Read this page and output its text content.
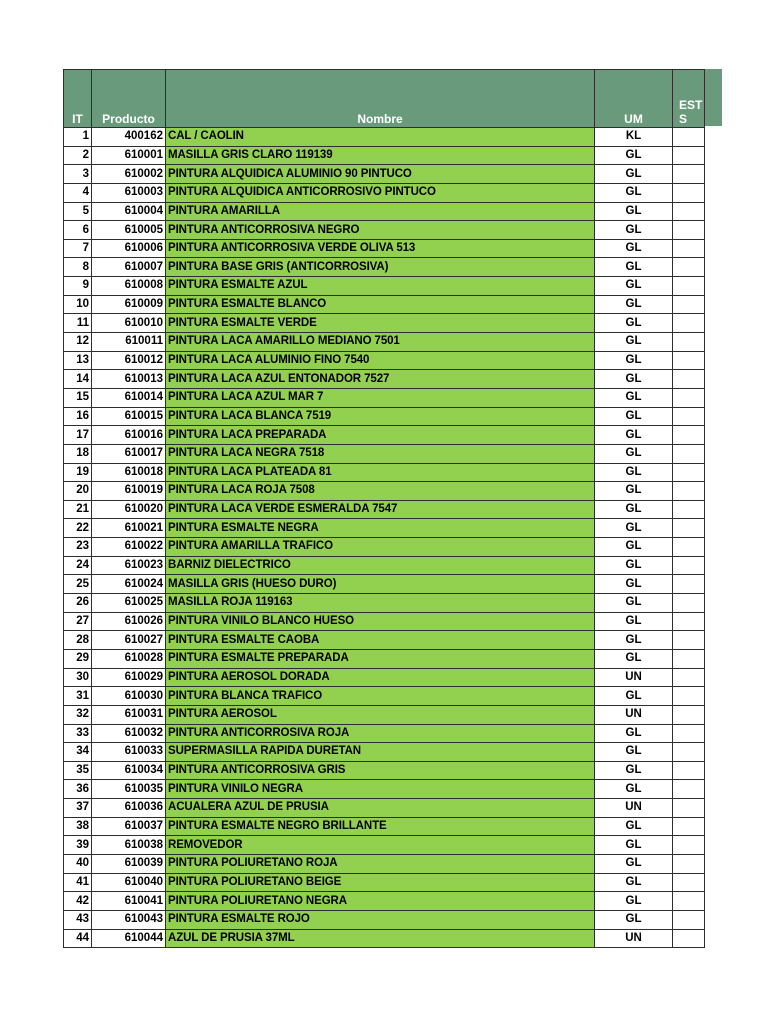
IT	Producto	Nombre	UM	EST
S

1	400162	CAL / CAOLIN	KL	
2	610001	MASILLA GRIS CLARO 119139	GL	
3	610002	PINTURA ALQUIDICA ALUMINIO 90 PINTUCO	GL	
4	610003	PINTURA ALQUIDICA ANTICORROSIVO PINTUCO	GL	
5	610004	PINTURA AMARILLA	GL	
6	610005	PINTURA ANTICORROSIVA NEGRO	GL	
7	610006	PINTURA ANTICORROSIVA VERDE OLIVA 513	GL	
8	610007	PINTURA BASE GRIS (ANTICORROSIVA)	GL	
9	610008	PINTURA ESMALTE AZUL	GL	
10	610009	PINTURA ESMALTE BLANCO	GL	
11	610010	PINTURA ESMALTE VERDE	GL	
12	610011	PINTURA LACA AMARILLO MEDIANO 7501	GL	
13	610012	PINTURA LACA ALUMINIO FINO 7540	GL	
14	610013	PINTURA LACA AZUL ENTONADOR 7527	GL	
15	610014	PINTURA LACA AZUL MAR 7	GL	
16	610015	PINTURA LACA BLANCA 7519	GL	
17	610016	PINTURA LACA PREPARADA	GL	
18	610017	PINTURA LACA NEGRA 7518	GL	
19	610018	PINTURA LACA PLATEADA 81	GL	
20	610019	PINTURA LACA ROJA 7508	GL	
21	610020	PINTURA LACA VERDE ESMERALDA 7547	GL	
22	610021	PINTURA ESMALTE NEGRA	GL	
23	610022	PINTURA AMARILLA TRAFICO	GL	
24	610023	BARNIZ DIELECTRICO	GL	
25	610024	MASILLA GRIS (HUESO DURO)	GL	
26	610025	MASILLA ROJA 119163	GL	
27	610026	PINTURA VINILO BLANCO HUESO	GL	
28	610027	PINTURA ESMALTE CAOBA	GL	
29	610028	PINTURA ESMALTE PREPARADA	GL	
30	610029	PINTURA AEROSOL DORADA	UN	
31	610030	PINTURA BLANCA TRAFICO	GL	
32	610031	PINTURA AEROSOL	UN	
33	610032	PINTURA ANTICORROSIVA ROJA	GL	
34	610033	SUPERMASILLA RAPIDA DURETAN	GL	
35	610034	PINTURA ANTICORROSIVA GRIS	GL	
36	610035	PINTURA VINILO NEGRA	GL	
37	610036	ACUALERA AZUL DE PRUSIA	UN	
38	610037	PINTURA ESMALTE NEGRO BRILLANTE	GL	
39	610038	REMOVEDOR	GL	
40	610039	PINTURA POLIURETANO ROJA	GL	
41	610040	PINTURA POLIURETANO BEIGE	GL	
42	610041	PINTURA POLIURETANO NEGRA	GL	
43	610043	PINTURA ESMALTE ROJO	GL	
44	610044	AZUL DE PRUSIA 37ML	UN	
